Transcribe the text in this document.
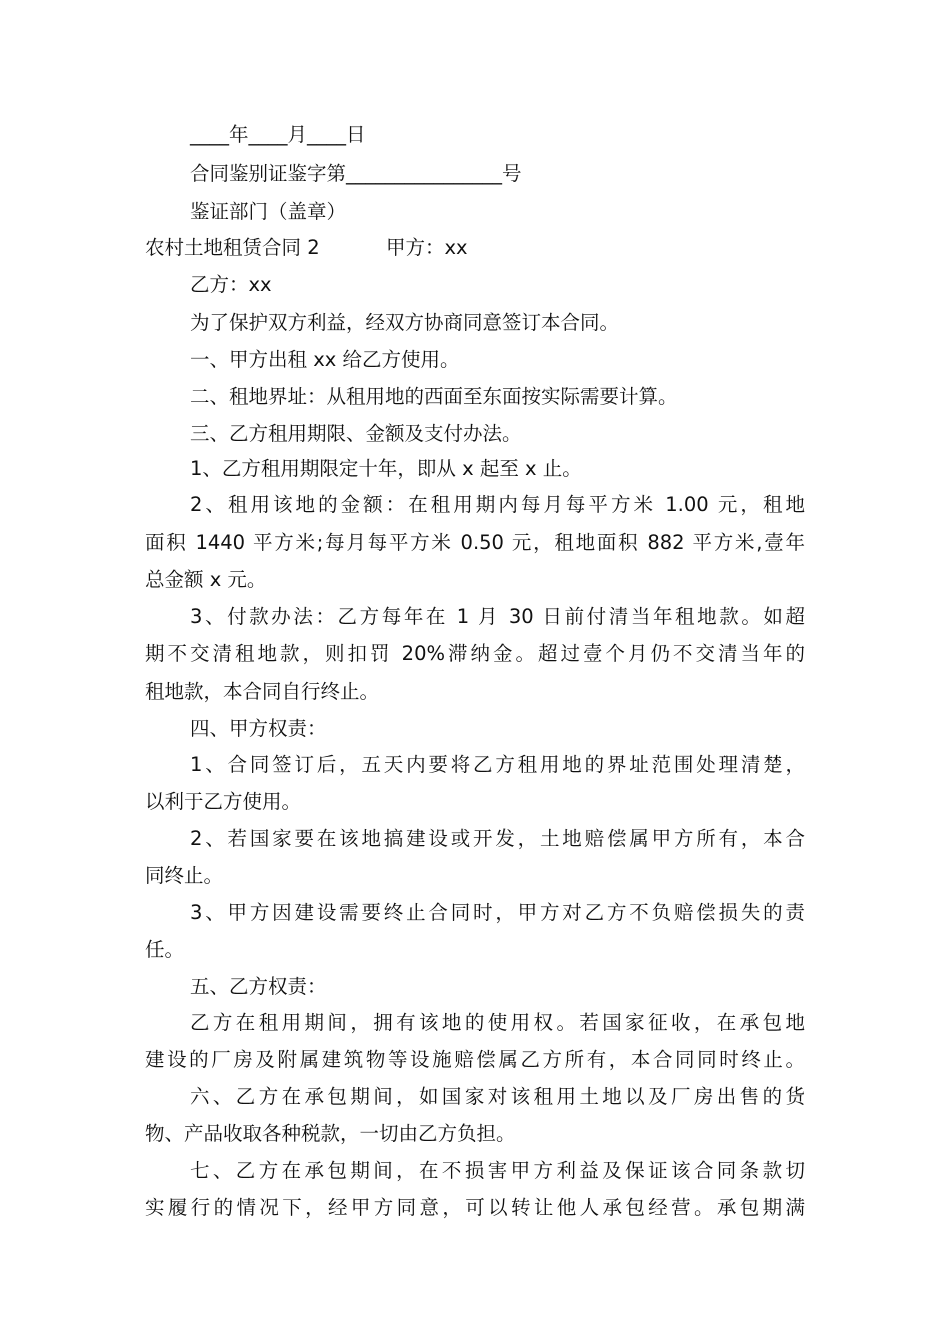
____年____月____日
合同鉴别证鉴字第________________号
鉴证部门（盖章）
农村土地租赁合同 2	甲方：xx
乙方：xx
为了保护双方利益，经双方协商同意签订本合同。
一、甲方出租 xx 给乙方使用。
二、租地界址：从租用地的西面至东面按实际需要计算。
三、乙方租用期限、金额及支付办法。
1、乙方租用期限定十年，即从 x 起至 x 止。
2、租用该地的金额：在租用期内每月每平方米 1.00 元，租地
面积 1440 平方米;每月每平方米 0.50 元，租地面积 882 平方米,壹年
总金额 x 元。
3、付款办法：乙方每年在 1 月 30 日前付清当年租地款。如超
期不交清租地款，则扣罚 20%滞纳金。超过壹个月仍不交清当年的
租地款，本合同自行终止。
四、甲方权责：
1、合同签订后，五天内要将乙方租用地的界址范围处理清楚，
以利于乙方使用。
2、若国家要在该地搞建设或开发，土地赔偿属甲方所有，本合
同终止。
3、甲方因建设需要终止合同时，甲方对乙方不负赔偿损失的责
任。
五、乙方权责：
乙方在租用期间，拥有该地的使用权。若国家征收，在承包地
建设的厂房及附属建筑物等设施赔偿属乙方所有，本合同同时终止。
六、乙方在承包期间，如国家对该租用土地以及厂房出售的货
物、产品收取各种税款，一切由乙方负担。
七、乙方在承包期间，在不损害甲方利益及保证该合同条款切
实履行的情况下，经甲方同意，可以转让他人承包经营。承包期满
